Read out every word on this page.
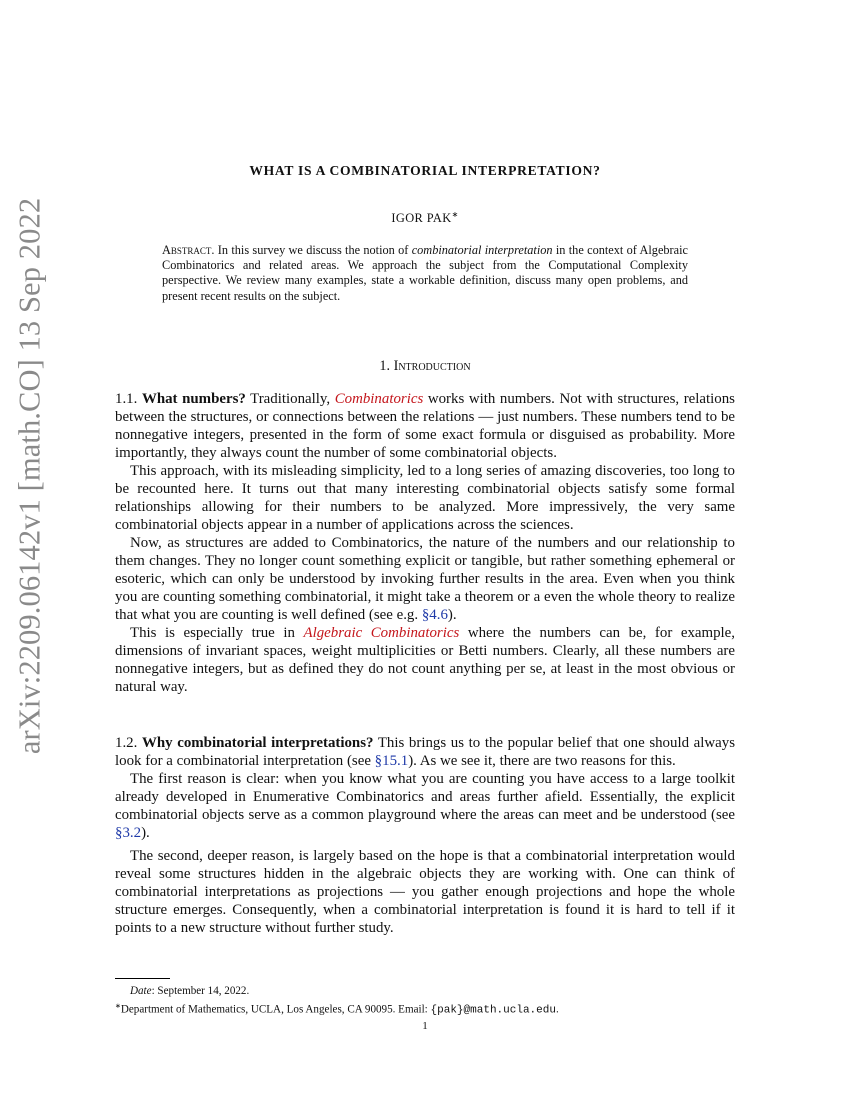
arXiv:2209.06142v1 [math.CO] 13 Sep 2022
WHAT IS A COMBINATORIAL INTERPRETATION?
IGOR PAK∗
Abstract. In this survey we discuss the notion of combinatorial interpretation in the context of Algebraic Combinatorics and related areas. We approach the subject from the Computational Complexity perspective. We review many examples, state a workable definition, discuss many open problems, and present recent results on the subject.
1. Introduction

1.1. What numbers? Traditionally, Combinatorics works with numbers. Not with structures, relations between the structures, or connections between the relations — just numbers. These numbers tend to be nonnegative integers, presented in the form of some exact formula or disguised as probability. More importantly, they always count the number of some combinatorial objects.

This approach, with its misleading simplicity, led to a long series of amazing discoveries, too long to be recounted here. It turns out that many interesting combinatorial objects satisfy some formal relationships allowing for their numbers to be analyzed. More impressively, the very same combinatorial objects appear in a number of applications across the sciences.

Now, as structures are added to Combinatorics, the nature of the numbers and our relationship to them changes. They no longer count something explicit or tangible, but rather something ephemeral or esoteric, which can only be understood by invoking further results in the area. Even when you think you are counting something combinatorial, it might take a theorem or a even the whole theory to realize that what you are counting is well defined (see e.g. §4.6).

This is especially true in Algebraic Combinatorics where the numbers can be, for example, dimensions of invariant spaces, weight multiplicities or Betti numbers. Clearly, all these numbers are nonnegative integers, but as defined they do not count anything per se, at least in the most obvious or natural way.

1.2. Why combinatorial interpretations? This brings us to the popular belief that one should always look for a combinatorial interpretation (see §15.1). As we see it, there are two reasons for this.

The first reason is clear: when you know what you are counting you have access to a large toolkit already developed in Enumerative Combinatorics and areas further afield. Essentially, the explicit combinatorial objects serve as a common playground where the areas can meet and be understood (see §3.2).

The second, deeper reason, is largely based on the hope is that a combinatorial interpretation would reveal some structures hidden in the algebraic objects they are working with. One can think of combinatorial interpretations as projections — you gather enough projections and hope the whole structure emerges. Consequently, when a combinatorial interpretation is found it is hard to tell if it points to a new structure without further study.

Date: September 14, 2022.
∗Department of Mathematics, UCLA, Los Angeles, CA 90095. Email: {pak}@math.ucla.edu.
1
